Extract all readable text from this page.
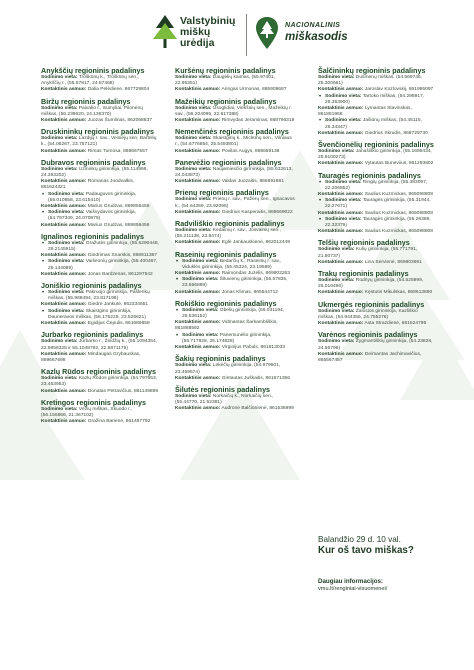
Valstybinių
miškų
urėdija
NACIONALINIS
miškasodis
Anykščių regioninis padalinys
Sodinimo vieta: Troškūnų k., Troškūnų sen., Anykščių r., (55.57817, 24.87468)
Kontaktinis asmuo: Dalia Pelėdiene, 867729804
Biržų regioninis padalinys
Sodinimo vieta: Paivalio r., Sumyliai, Pilonėnų miškas, (56.239620, 24.136370)
Kontaktinis asmuo: Juozas Šumlinas, 862068637
Druskininkų regioninis padalinys
Sodinimo vieta: Lazdijų r. sav., Veisiejų sen. Bartelių k., (54.06267, 23.757121)
Kontaktinis asmuo: Rimas Tumosa, 868667557
Dubravos regioninis padalinys
Sodinimo vieta: Uzininkų girininkija, (55.114966, 24.393202)
Kontaktinis asmuo: Romanas Juodvalkis, 861624321
• Sodinimo vieta: Padauguvos girininkija, (55.010858, 23.615410)
Kontaktinis asmuo: Marius Grudzas, 869856456
• Sodinimo vieta: Vaišvydavos girininkija, (54.797349, 24.070879)
Kontaktinis asmuo: Marius Grudzas, 869856456
Ignalinos regioninis padalinys
• Sodinimo vieta: Gražutės girininkija, (55.6290448, 26.2145915)
Kontaktinis asmuo: Giedrimas Snarskis, 868911387
• Sodinimo vieta: Vaišeonių girininkija, (55.400467, 26.144089)
Kontaktinis asmuo: Jonas Bardzenas, 861297542
Joniškio regioninis padalinys
• Sodinimo vieta: Pakruojo girininkija, Pašlenkų miškas, (55.968494, 23.817198)
Kontaktinis asmuo: Giedrė Jankutė, 862334651
• Sodinimo vieta: Skaistgirio girininkija, Dauneravos miškas, (56.176225, 23.526621)
Kontaktinis asmuo: Egidijus Čepulis, 861689658
Jurbarko regioninis padalinys
Sodinimo vieta: Jurbarko r., Žindžių k., (55.1094354, 22.5856325 ir 55.1048792, 22.5871175)
Kontaktinis asmuo: Mindaugas Grybauskas, 869667698
Kazlų Rūdos regioninis padalinys
Sodinimo vieta: Kazlų Rūdos girininkija, (54.797653, 23.463953)
Kontaktinis asmuo: Donatas Petravičius, 861149899
Kretingos regioninis padalinys
Sodinimo vieta: Vėžių miškas, Skuodo r., (56.156866, 21.367102)
Kontaktinis asmuo: Gražina Barienė, 861487792
Kuršėnų regioninis padalinys
Sodinimo vieta: Daugėlių kaimas, (55.97401, 22.95351)
Kontaktinis asmuo: Aringas Urmonas, 865909687
Mažeikių regioninis padalinys
Sodinimo vieta: Ūsoglidiai, Viekšnių sen., Mažeikių r. sav., (56.204095, 22.617388)
Kontaktinis asmuo: Rimvydas Jeraminas, 868796319
Nemenčinės regioninis padalinys
Sodinimo vieta: Skaistgirių k., Mickūnų sen., Vilniaus r., (54.6776854, 25.5493801)
Kontaktinis asmuo: Povilas Augys, 868659136
Panevėžio regioninis padalinys
Sodinimo vieta: Naujamiesčio girininkija, (55.632613, 24.043873)
Kontaktinis asmuo: Valdas Juozaitis, 866691881
Prienų regioninis padalinys
Sodinimo vieta: Prienų r. sav., Pažėrų sen., Ignacavos k., (54.64359, 23.92096)
Kontaktinis asmuo: Giedrius Kasperaitis, 869669022
Radviliškio regioninis padalinys
Sodinimo vieta: Kėdainių r. sav., Josvainių sen., (55.211138, 23.8474)
Kontaktinis asmuo: Eglė Jankauskienė, 862012449
Raseinių regioninis padalinys
• Sodinimo vieta: Bedarčių k., Raseinių r. sav., Viduklės girininkija, (55.45324, 23.19599)
Kontaktinis asmuo: Raimondas Juzėlis, 869803263
• Sodinimo vieta: Šiluvienų girininkija, (55.57835, 23.556888)
Kontaktinis asmuo: Jonas Klimas, 865544712
Rokiškio regioninis padalinys
• Sodinimo vieta: Obelių girininkija, (56.031194, 25.636152)
Kontaktinis asmuo: Vidmantas Šarkambliškis, 861888592
• Sodinimo vieta: Panemunėlio girininkija, (55.717928, 25.174828)
Kontaktinis asmuo: Virginijus Pabuls, 861813033
Šakių regioninis padalinys
Sodinimo vieta: Lekėčių girininkija, (54.979601, 23.459574)
Kontaktinis asmuo: Gintautas Juškaitis, 861671356
Šilutės regioninis padalinys
Sodinimo vieta: Norkaičių k., Norkaičių sen., (55.44770, 21.52381)
Kontaktinis asmuo: Audronė Balčiūnienė, 861536999
Šalčininkų regioninis padalinys
Sodinimo vieta: Dusmenų miškas, (54.569746, 25.300661)
Kontaktinis asmuo: Jaroslav Kozlovskij, 861995097
• Sodinimo vieta: Tartoko miškas, (54.298917, 25.353900)
Kontaktinis asmuo: Lymantas Slavinskas, 861851966
• Sodinimo vieta: Jašiūnų miškas, (54.45115, 25.34347)
Kontaktinis asmuo: Giedrius Skrudis, 868729730
Švenčionėlių regioninis padalinys
Sodinimo vieta: Janušiškio girininkija, (55.1695434, 25.9100273)
Kontaktinis asmuo: Vytautas Buneviius, 861293802
Tauragės regioninis padalinys
• Sodinimo vieta: Ringių girininkija, (55.383097, 22.206852)
Kontaktinis asmuo: Saulius Kuzmickas, 865098808
• Sodinimo vieta: Tauragės girininkija, (55.31944, 22.27671)
Kontaktinis asmuo: Saulius Kuzmickas, 865098808
• Sodinimo vieta: Tauragės girininkija, (55.26388, 22.32379)
Kontaktinis asmuo: Saulius Kuzmickas, 865098808
Telšių regioninis padalinys
Sodinimo vieta: Kulių girininkija, (55.771791, 21.80737)
Kontaktinis asmuo: Lina Servienė, 869803691
Trakų regioninis padalinys
Sodinimo vieta: Rūdnyų girininkija, (54.525999, 25.016496)
Kontaktinis asmuo: Kęstutis Mikulskas, 868613890
Ukmergės regioninis padalinys
Sodinimo vieta: Žalosios girininkija, Kazliškio miškas, (54.944355, 24.755276)
Kontaktinis asmuo: Asta Strazdienė, 861524795
Varėnos regioninis padalinys
Sodinimo vieta: Zygmantiškių girininkija, (54.23828, 24.56799)
Kontaktinis asmuo: Deimantas Jachimavičius, 865567457
Balandžio 29 d. 10 val.
Kur oš tavo miškas?
Daugiau informacijos:
vmu.lt/renginiai-visuomenei/
